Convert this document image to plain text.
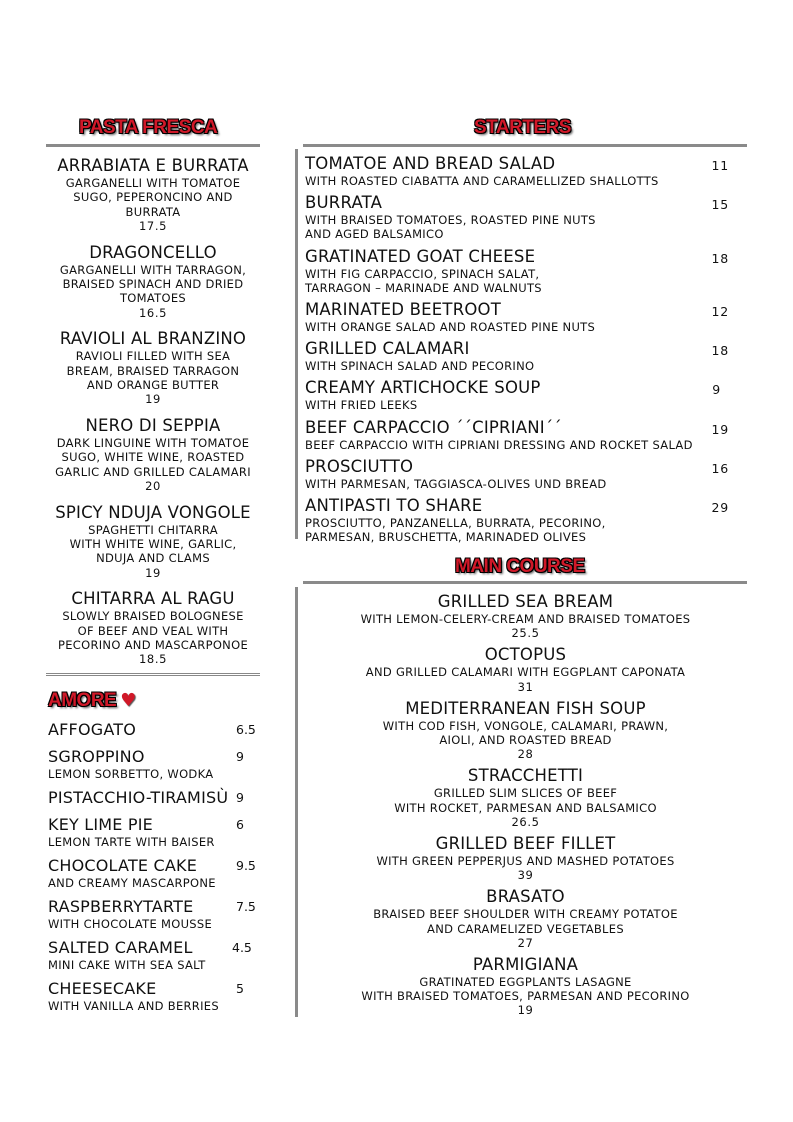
PASTA FRESCA	STARTERS
AMORE ♥
MAIN COURSE
ARRABIATA E BURRATA
GARGANELLI WITH TOMATOE
SUGO, PEPERONCINO AND
BURRATA
17.5
DRAGONCELLO
GARGANELLI WITH TARRAGON,
BRAISED SPINACH AND DRIED
TOMATOES
16.5
RAVIOLI AL BRANZINO
RAVIOLI FILLED WITH SEA
BREAM, BRAISED TARRAGON
AND ORANGE BUTTER
19
NERO DI SEPPIA
DARK LINGUINE WITH TOMATOE
SUGO, WHITE WINE, ROASTED
GARLIC AND GRILLED CALAMARI
20
SPICY NDUJA VONGOLE
SPAGHETTI CHITARRA
WITH WHITE WINE, GARLIC,
NDUJA AND CLAMS
19
CHITARRA AL RAGU
SLOWLY BRAISED BOLOGNESE
OF BEEF AND VEAL WITH
PECORINO AND MASCARPONOE
18.5
AFFOGATO	6.5
SGROPPINO
LEMON SORBETTO, WODKA
9
PISTACCHIO-TIRAMISÙ 9
KEY LIME PIE
LEMON TARTE WITH BAISER
6
CHOCOLATE CAKE
AND CREAMY MASCARPONE
9.5
RASPBERRYTARTE
WITH CHOCOLATE MOUSSE
7.5
SALTED CARAMEL
MINI CAKE WITH SEA SALT
4.5
CHEESECAKE
WITH VANILLA AND BERRIES
5
TOMATOE AND BREAD SALAD
WITH ROASTED CIABATTA AND CARAMELLIZED SHALLOTTS
11
BURRATA
WITH BRAISED TOMATOES, ROASTED PINE NUTS
AND AGED BALSAMICO
15
GRATINATED GOAT CHEESE
WITH FIG CARPACCIO, SPINACH SALAT,
TARRAGON – MARINADE AND WALNUTS
18
MARINATED BEETROOT
WITH ORANGE SALAD AND ROASTED PINE NUTS
12
GRILLED CALAMARI
WITH SPINACH SALAD AND PECORINO
18
CREAMY ARTICHOCKE SOUP
WITH FRIED LEEKS
9
BEEF CARPACCIO ´´CIPRIANI´´
BEEF CARPACCIO WITH CIPRIANI DRESSING AND ROCKET SALAD
19
PROSCIUTTO
WITH PARMESAN, TAGGIASCA-OLIVES UND BREAD
16
ANTIPASTI TO SHARE
PROSCIUTTO, PANZANELLA, BURRATA, PECORINO,
PARMESAN, BRUSCHETTA, MARINADED OLIVES
29
GRILLED SEA BREAM
WITH LEMON-CELERY-CREAM AND BRAISED TOMATOES
25.5
OCTOPUS
AND GRILLED CALAMARI WITH EGGPLANT CAPONATA
31
MEDITERRANEAN FISH SOUP
WITH COD FISH, VONGOLE, CALAMARI, PRAWN,
AIOLI, AND ROASTED BREAD
28
STRACCHETTI
GRILLED SLIM SLICES OF BEEF
WITH ROCKET, PARMESAN AND BALSAMICO
26.5
GRILLED BEEF FILLET
WITH GREEN PEPPERJUS AND MASHED POTATOES
39
BRASATO
BRAISED BEEF SHOULDER WITH CREAMY POTATOE
AND CARAMELIZED VEGETABLES
27
PARMIGIANA
GRATINATED EGGPLANTS LASAGNE
WITH BRAISED TOMATOES, PARMESAN AND PECORINO
19
